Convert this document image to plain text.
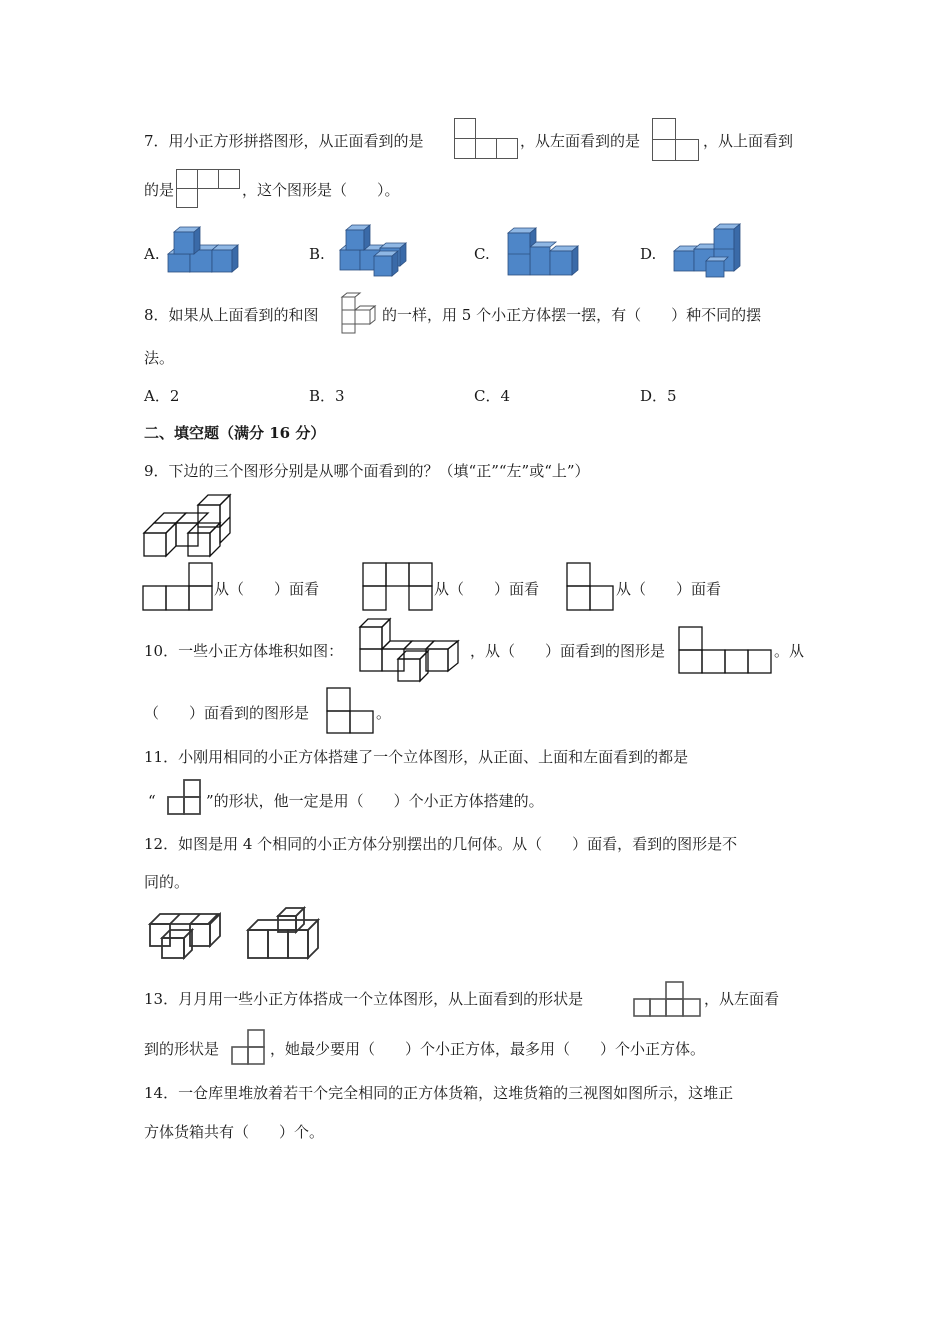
7．用小正方形拼搭图形，从正面看到的是	，从左面看到的是	，从上面看到
的是	，这个图形是（　　）。
A.	B.	C.	D.
8．如果从上面看到的和图	的一样，用 5 个小正方体摆一摆，有（　　）种不同的摆
法。
A．2	B．3	C．4	D．5
二、填空题（满分 16 分）
9．下边的三个图形分别是从哪个面看到的？（填“正”“左”或“上”）
从（　　）面看	从（　　）面看	从（　　）面看
10．一些小正方体堆积如图：	，从（　　）面看到的图形是	。从
（　　）面看到的图形是	。
11．小刚用相同的小正方体搭建了一个立体图形，从正面、上面和左面看到的都是
“	”的形状，他一定是用（　　）个小正方体搭建的。
12．如图是用 4 个相同的小正方体分别摆出的几何体。从（　　）面看，看到的图形是不
同的。
13．月月用一些小正方体搭成一个立体图形，从上面看到的形状是	，从左面看
到的形状是	，她最少要用（　　）个小正方体，最多用（　　）个小正方体。
14．一仓库里堆放着若干个完全相同的正方体货箱，这堆货箱的三视图如图所示，这堆正
方体货箱共有（　　）个。
